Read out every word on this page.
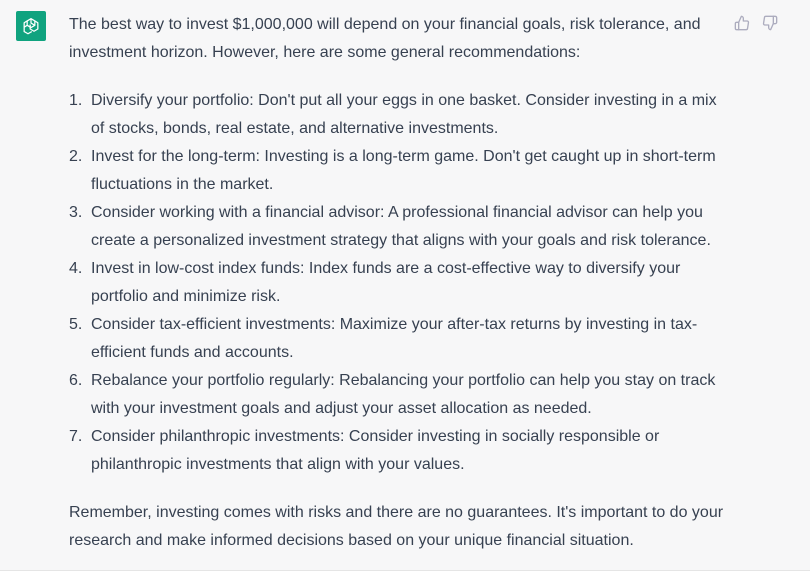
The best way to invest $1,000,000 will depend on your financial goals, risk tolerance, and investment horizon. However, here are some general recommendations:

1. Diversify your portfolio: Don't put all your eggs in one basket. Consider investing in a mix of stocks, bonds, real estate, and alternative investments.
2. Invest for the long-term: Investing is a long-term game. Don't get caught up in short-term fluctuations in the market.
3. Consider working with a financial advisor: A professional financial advisor can help you create a personalized investment strategy that aligns with your goals and risk tolerance.
4. Invest in low-cost index funds: Index funds are a cost-effective way to diversify your portfolio and minimize risk.
5. Consider tax-efficient investments: Maximize your after-tax returns by investing in tax-efficient funds and accounts.
6. Rebalance your portfolio regularly: Rebalancing your portfolio can help you stay on track with your investment goals and adjust your asset allocation as needed.
7. Consider philanthropic investments: Consider investing in socially responsible or philanthropic investments that align with your values.

Remember, investing comes with risks and there are no guarantees. It's important to do your research and make informed decisions based on your unique financial situation.
